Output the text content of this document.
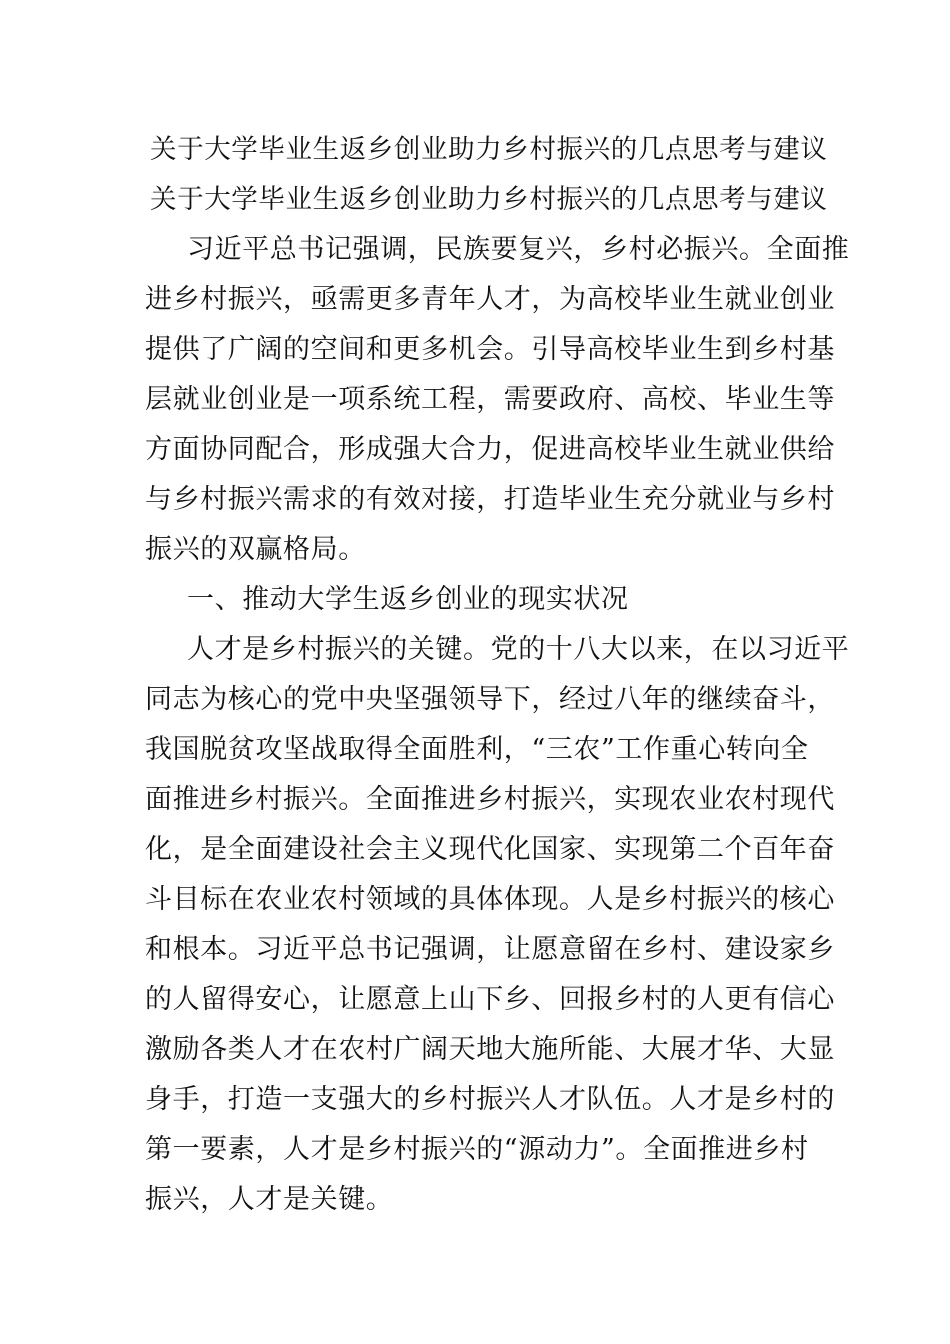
关于大学毕业生返乡创业助力乡村振兴的几点思考与建议
关于大学毕业生返乡创业助力乡村振兴的几点思考与建议
习近平总书记强调，民族要复兴，乡村必振兴。全面推
进乡村振兴，亟需更多青年人才，为高校毕业生就业创业
提供了广阔的空间和更多机会。引导高校毕业生到乡村基
层就业创业是一项系统工程，需要政府、高校、毕业生等
方面协同配合，形成强大合力，促进高校毕业生就业供给
与乡村振兴需求的有效对接，打造毕业生充分就业与乡村
振兴的双赢格局。
一、推动大学生返乡创业的现实状况
人才是乡村振兴的关键。党的十八大以来，在以习近平
同志为核心的党中央坚强领导下，经过八年的继续奋斗，
我国脱贫攻坚战取得全面胜利，“三农”工作重心转向全
面推进乡村振兴。全面推进乡村振兴，实现农业农村现代
化，是全面建设社会主义现代化国家、实现第二个百年奋
斗目标在农业农村领域的具体体现。人是乡村振兴的核心
和根本。习近平总书记强调，让愿意留在乡村、建设家乡
的人留得安心，让愿意上山下乡、回报乡村的人更有信心
激励各类人才在农村广阔天地大施所能、大展才华、大显
身手，打造一支强大的乡村振兴人才队伍。人才是乡村的
第一要素，人才是乡村振兴的“源动力”。全面推进乡村
振兴，人才是关键。
